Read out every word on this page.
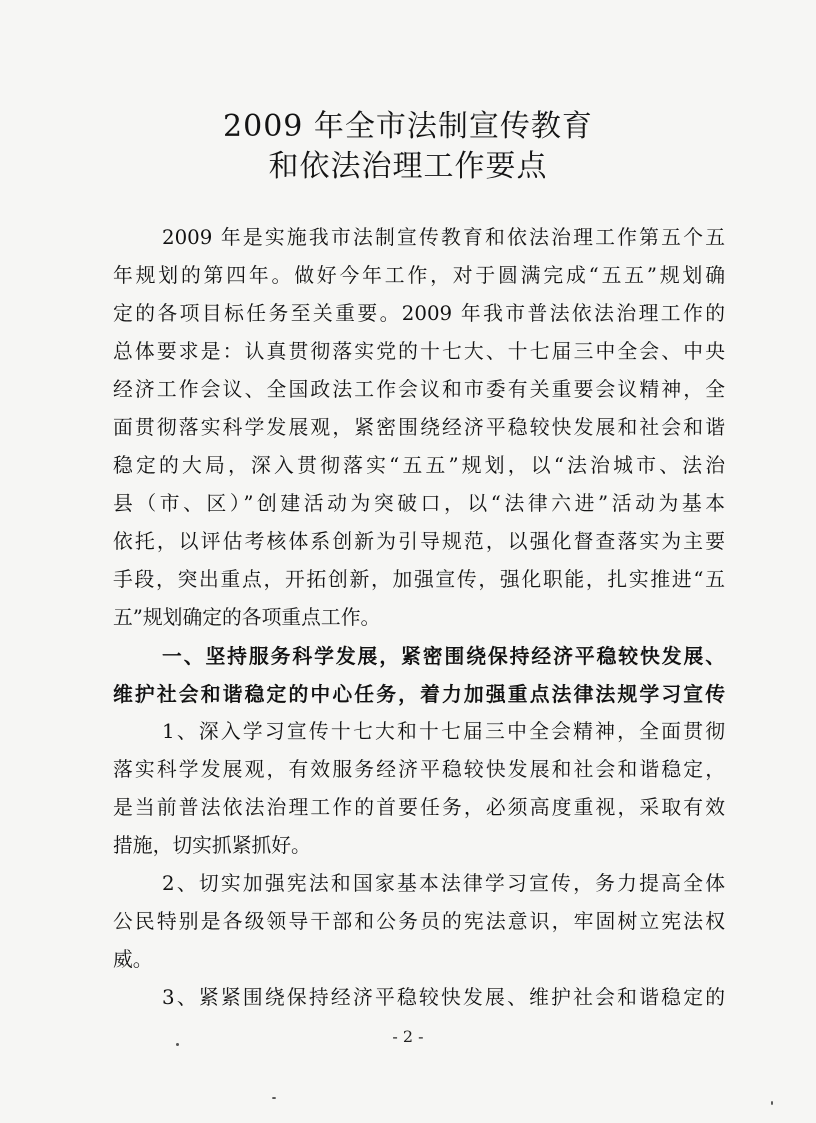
2009 年全市法制宣传教育
和依法治理工作要点
2009 年是实施我市法制宣传教育和依法治理工作第五个五
年规划的第四年。做好今年工作，对于圆满完成“五五”规划确
定的各项目标任务至关重要。2009 年我市普法依法治理工作的
总体要求是：认真贯彻落实党的十七大、十七届三中全会、中央
经济工作会议、全国政法工作会议和市委有关重要会议精神，全
面贯彻落实科学发展观，紧密围绕经济平稳较快发展和社会和谐
稳定的大局，深入贯彻落实“五五”规划，以“法治城市、法治
县（市、区）”创建活动为突破口，以“法律六进”活动为基本
依托，以评估考核体系创新为引导规范，以强化督查落实为主要
手段，突出重点，开拓创新，加强宣传，强化职能，扎实推进“五
五”规划确定的各项重点工作。
一、坚持服务科学发展，紧密围绕保持经济平稳较快发展、
维护社会和谐稳定的中心任务，着力加强重点法律法规学习宣传
1、深入学习宣传十七大和十七届三中全会精神，全面贯彻
落实科学发展观，有效服务经济平稳较快发展和社会和谐稳定，
是当前普法依法治理工作的首要任务，必须高度重视，采取有效
措施，切实抓紧抓好。
2、切实加强宪法和国家基本法律学习宣传，务力提高全体
公民特别是各级领导干部和公务员的宪法意识，牢固树立宪法权
威。
3、紧紧围绕保持经济平稳较快发展、维护社会和谐稳定的
- 2 -
